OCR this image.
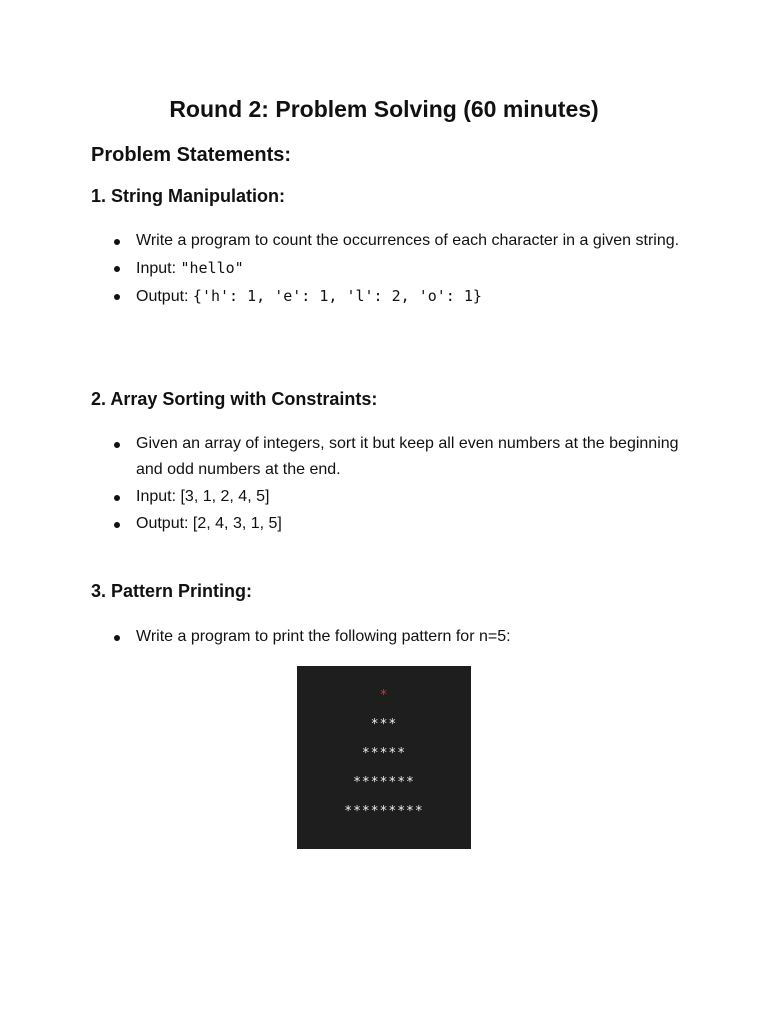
Round 2: Problem Solving (60 minutes)
Problem Statements:
1. String Manipulation:
Write a program to count the occurrences of each character in a given string.
Input: "hello"
Output: {'h': 1, 'e': 1, 'l': 2, 'o': 1}
2. Array Sorting with Constraints:
Given an array of integers, sort it but keep all even numbers at the beginning and odd numbers at the end.
Input: [3, 1, 2, 4, 5]
Output: [2, 4, 3, 1, 5]
3. Pattern Printing:
Write a program to print the following pattern for n=5:
*
***
*****
*******
*********
